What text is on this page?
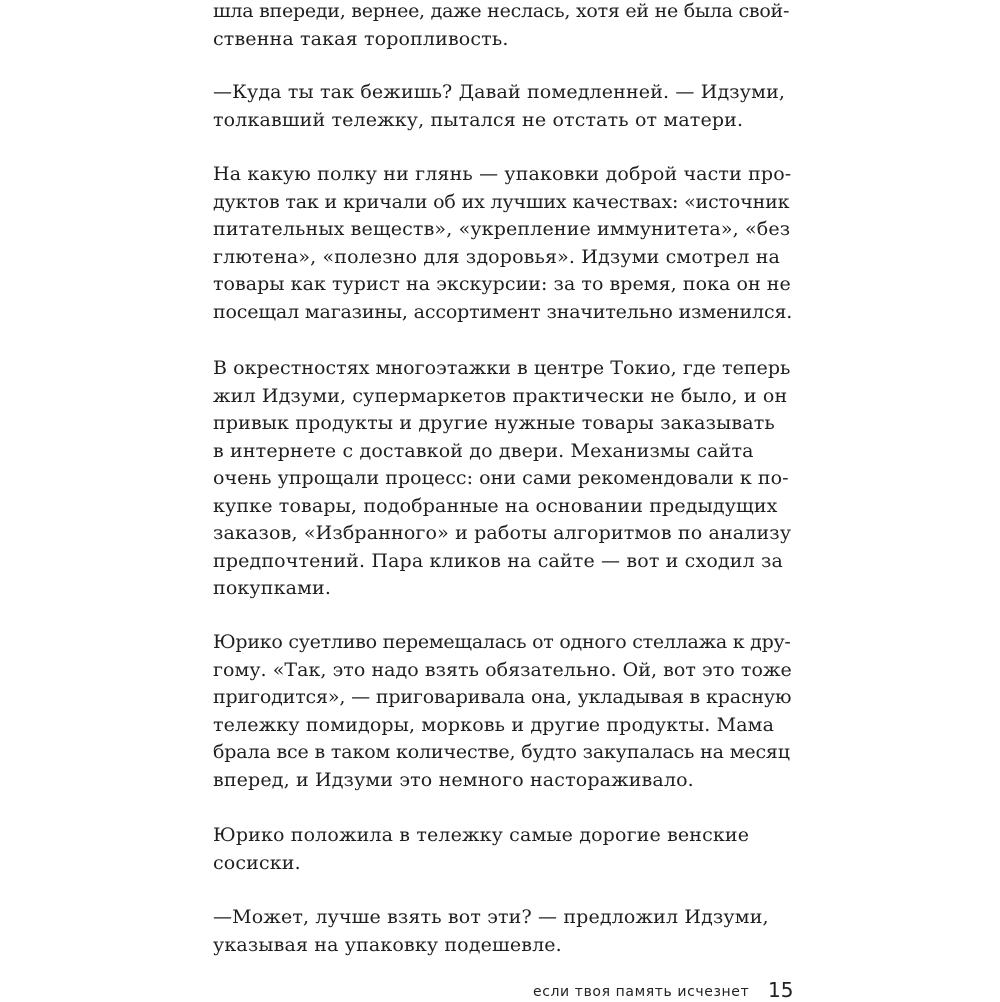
шла впереди, вернее, даже неслась, хотя ей не была свой-
ственна такая торопливость.
—Куда ты так бежишь? Давай помедленней. — Идзуми,
толкавший тележку, пытался не отстать от матери.
На какую полку ни глянь — упаковки доброй части про-
дуктов так и кричали об их лучших качествах: «источник
питательных веществ», «укрепление иммунитета», «без
глютена», «полезно для здоровья». Идзуми смотрел на
товары как турист на экскурсии: за то время, пока он не
посещал магазины, ассортимент значительно изменился.
В окрестностях многоэтажки в центре Токио, где теперь
жил Идзуми, супермаркетов практически не было, и он
привык продукты и другие нужные товары заказывать
в интернете с доставкой до двери. Механизмы сайта
очень упрощали процесс: они сами рекомендовали к по-
купке товары, подобранные на основании предыдущих
заказов, «Избранного» и работы алгоритмов по анализу
предпочтений. Пара кликов на сайте — вот и сходил за
покупками.
Юрико суетливо перемещалась от одного стеллажа к дру-
гому. «Так, это надо взять обязательно. Ой, вот это тоже
пригодится», — приговаривала она, укладывая в красную
тележку помидоры, морковь и другие продукты. Мама
брала все в таком количестве, будто закупалась на месяц
вперед, и Идзуми это немного настораживало.
Юрико положила в тележку самые дорогие венские
сосиски.
—Может, лучше взять вот эти? — предложил Идзуми,
указывая на упаковку подешевле.
если твоя память исчезнет 15
